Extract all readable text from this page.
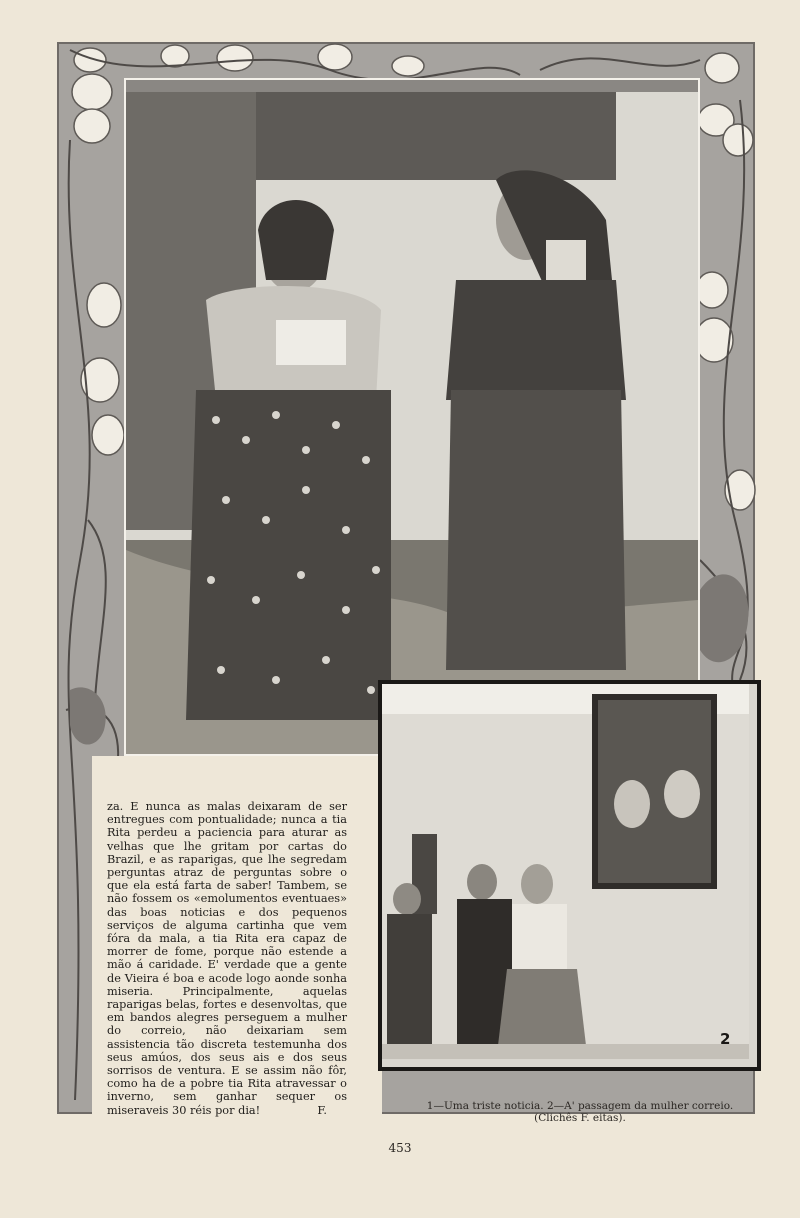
za. E nunca as malas deixaram de ser entregues com pontualidade; nunca a tia Rita perdeu a paciencia para aturar as velhas que lhe gritam por cartas do Brazil, e as raparigas, que lhe segredam perguntas atraz de perguntas sobre o que ela está farta de saber! Tambem, se não fossem os «emolumentos eventuaes» das boas noticias e dos pequenos serviços de alguma cartinha que vem fóra da mala, a tia Rita era capaz de morrer de fome, porque não estende a mão á caridade. E' verdade que a gente de Vieira é boa e acode logo aonde sonha miseria. Principalmente, aquelas raparigas belas, fortes e desenvoltas, que em bandos alegres perseguem a mulher do correio, não deixariam sem assistencia tão discreta testemunha dos seus amúos, dos seus ais e dos seus sorrisos de ventura. E se assim não fôr, como ha de a pobre tia Rita atravessar o inverno, sem ganhar sequer os miseraveis 30 réis por dia!	F.

2
1—Uma triste noticia. 2—A' passagem da mulher correio.
(Clichês F. eitas).
453
